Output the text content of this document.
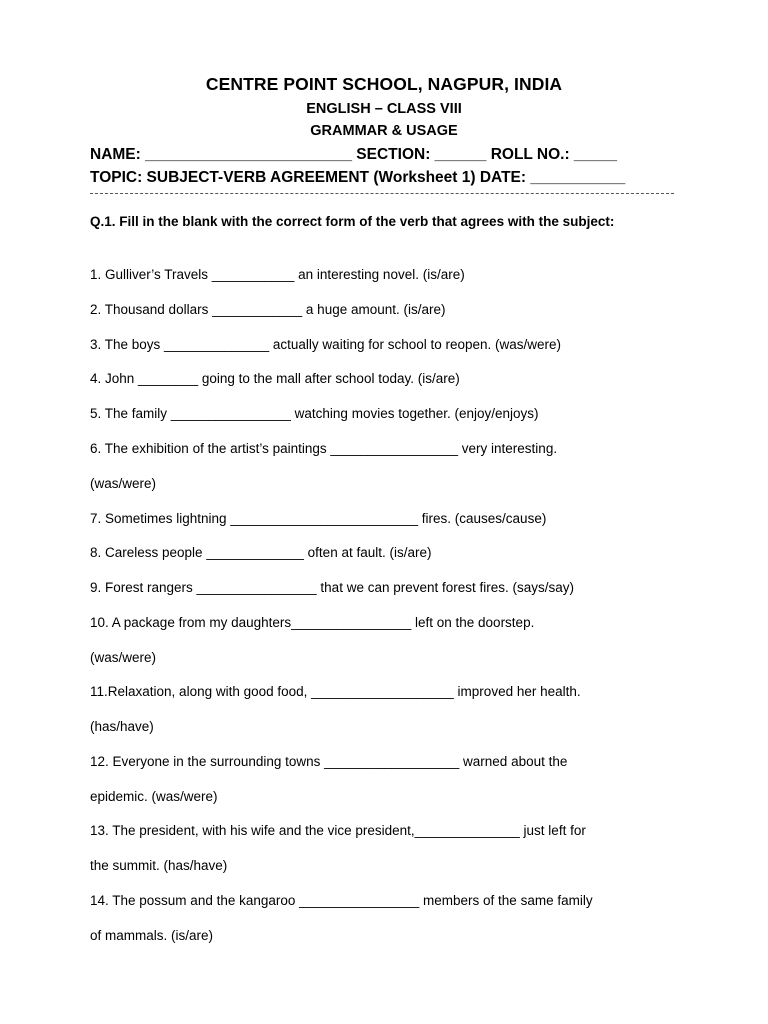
CENTRE POINT SCHOOL, NAGPUR, INDIA
ENGLISH – CLASS VIII
GRAMMAR & USAGE
NAME: ________________________ SECTION: ______ ROLL NO.: _____
TOPIC: SUBJECT-VERB AGREEMENT (Worksheet 1) DATE: ___________
Q.1. Fill in the blank with the correct form of the verb that agrees with the subject:
1. Gulliver’s Travels ___________ an interesting novel. (is/are)
2. Thousand dollars ____________ a huge amount. (is/are)
3. The boys ______________ actually waiting for school to reopen. (was/were)
4. John ________ going to the mall after school today. (is/are)
5. The family ________________ watching movies together. (enjoy/enjoys)
6. The exhibition of the artist’s paintings _________________ very interesting.
(was/were)
7. Sometimes lightning _________________________ fires. (causes/cause)
8. Careless people _____________ often at fault. (is/are)
9. Forest rangers ________________ that we can prevent forest fires. (says/say)
10. A package from my daughters________________ left on the doorstep.
(was/were)
11.Relaxation, along with good food, ___________________ improved her health.
(has/have)
12. Everyone in the surrounding towns __________________ warned about the
epidemic. (was/were)
13. The president, with his wife and the vice president,______________ just left for
the summit. (has/have)
14. The possum and the kangaroo ________________ members of the same family
of mammals. (is/are)
